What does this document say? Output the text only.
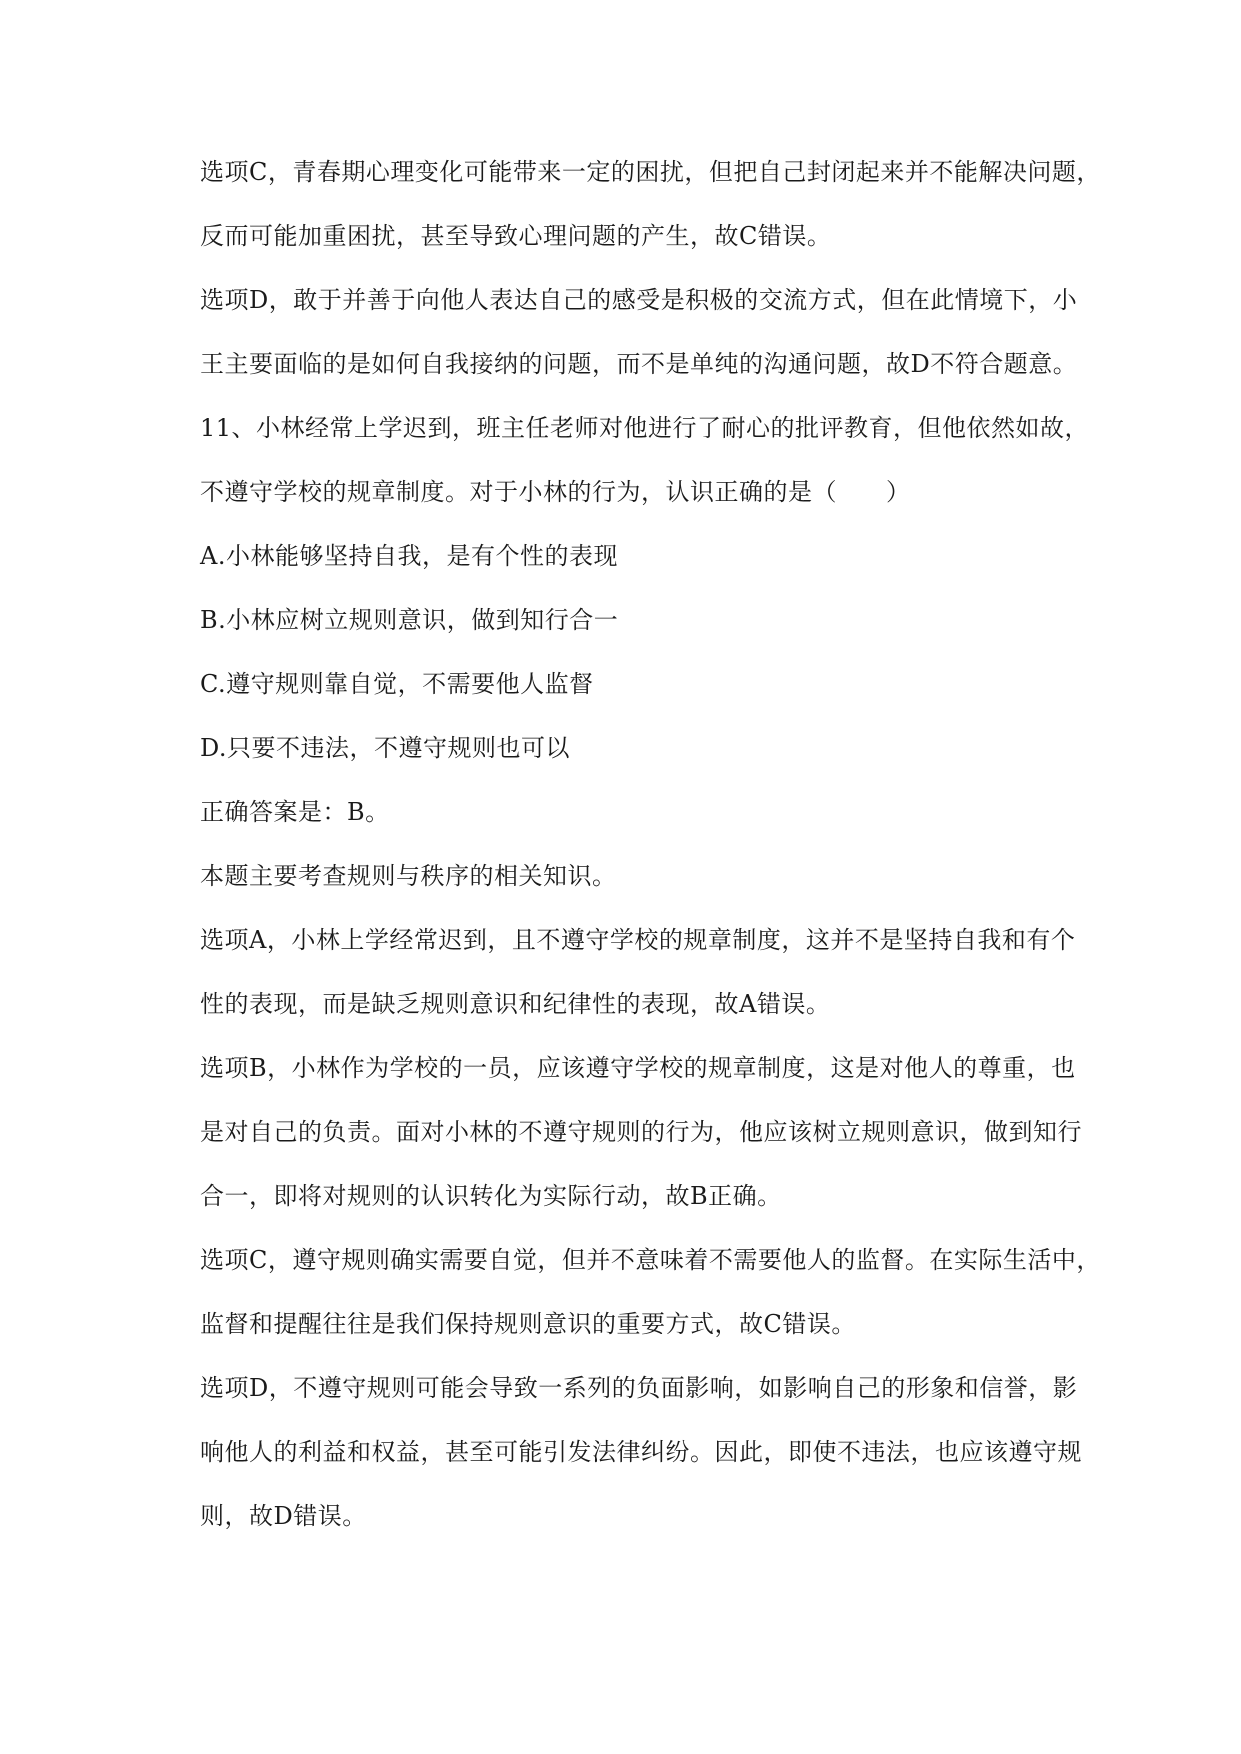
选项C，青春期心理变化可能带来一定的困扰，但把自己封闭起来并不能解决问题，
反而可能加重困扰，甚至导致心理问题的产生，故C错误。
选项D，敢于并善于向他人表达自己的感受是积极的交流方式，但在此情境下，小
王主要面临的是如何自我接纳的问题，而不是单纯的沟通问题，故D不符合题意。
11、小林经常上学迟到，班主任老师对他进行了耐心的批评教育，但他依然如故，
不遵守学校的规章制度。对于小林的行为，认识正确的是（　　）
A.小林能够坚持自我，是有个性的表现
B.小林应树立规则意识，做到知行合一
C.遵守规则靠自觉，不需要他人监督
D.只要不违法，不遵守规则也可以
正确答案是：B。
本题主要考查规则与秩序的相关知识。
选项A，小林上学经常迟到，且不遵守学校的规章制度，这并不是坚持自我和有个
性的表现，而是缺乏规则意识和纪律性的表现，故A错误。
选项B，小林作为学校的一员，应该遵守学校的规章制度，这是对他人的尊重，也
是对自己的负责。面对小林的不遵守规则的行为，他应该树立规则意识，做到知行
合一，即将对规则的认识转化为实际行动，故B正确。
选项C，遵守规则确实需要自觉，但并不意味着不需要他人的监督。在实际生活中，
监督和提醒往往是我们保持规则意识的重要方式，故C错误。
选项D，不遵守规则可能会导致一系列的负面影响，如影响自己的形象和信誉，影
响他人的利益和权益，甚至可能引发法律纠纷。因此，即使不违法，也应该遵守规
则，故D错误。
